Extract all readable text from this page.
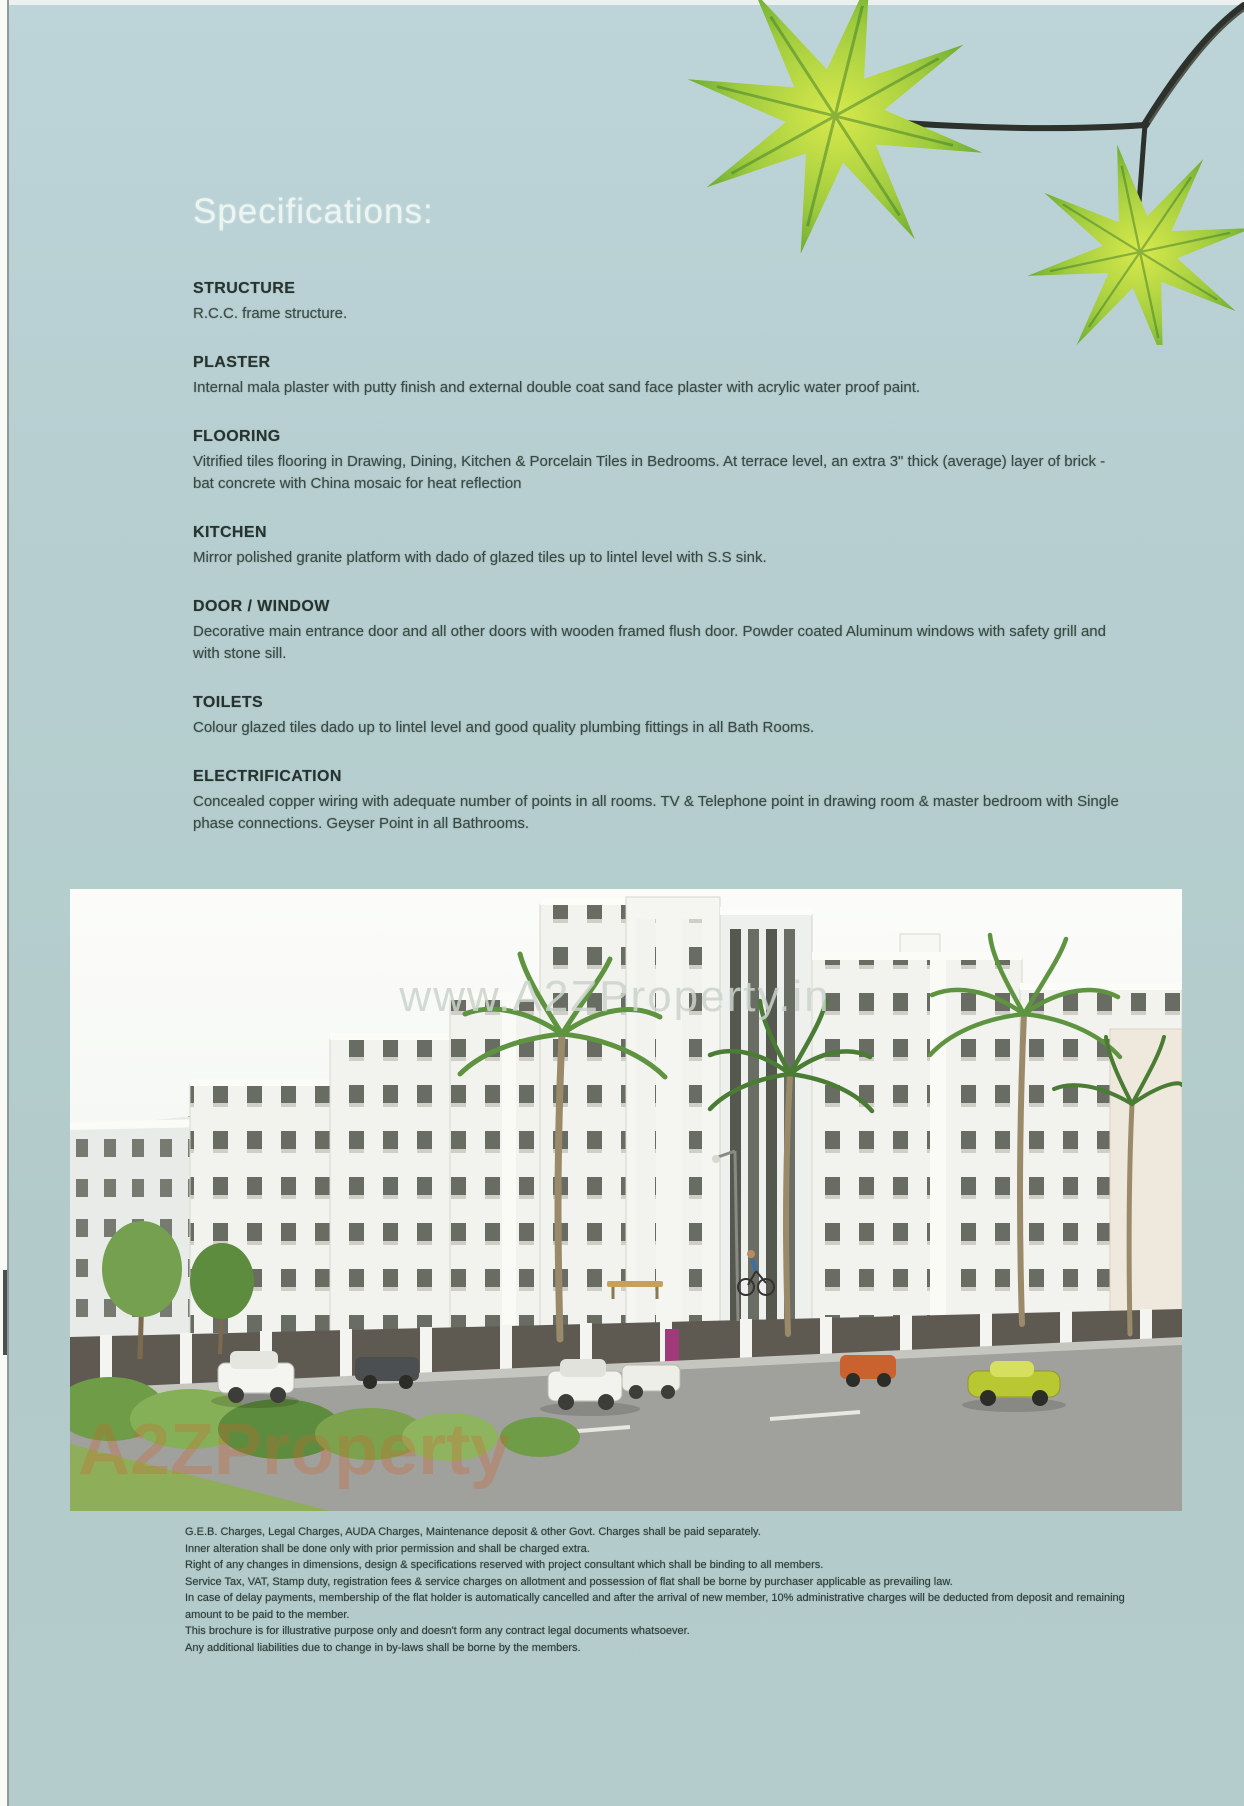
Specifications:
STRUCTURE

R.C.C. frame structure.

PLASTER

Internal mala plaster with putty finish and external double coat sand face plaster with acrylic water proof paint.

FLOORING

Vitrified tiles flooring in Drawing, Dining, Kitchen & Porcelain Tiles in Bedrooms. At terrace level, an extra 3" thick (average) layer of brick - bat concrete with China mosaic for heat reflection

KITCHEN

Mirror polished granite platform with dado of glazed tiles up to lintel level with S.S sink.

DOOR / WINDOW

Decorative main entrance door and all other doors with wooden framed flush door. Powder coated Aluminum windows with safety grill and with stone sill.

TOILETS

Colour glazed tiles dado up to lintel level and good quality plumbing fittings in all Bath Rooms.

ELECTRIFICATION

Concealed copper wiring with adequate number of points in all rooms. TV & Telephone point in drawing room & master bedroom with Single phase connections. Geyser Point in all Bathrooms.

www.A2ZProperty.in
A2ZProperty
G.E.B. Charges, Legal Charges, AUDA Charges, Maintenance deposit & other Govt. Charges shall be paid separately.
Inner alteration shall be done only with prior permission and shall be charged extra.
Right of any changes in dimensions, design & specifications reserved with project consultant which shall be binding to all members.
Service Tax, VAT, Stamp duty, registration fees & service charges on allotment and possession of flat shall be borne by purchaser applicable as prevailing law.
In case of delay payments, membership of the flat holder is automatically cancelled and after the arrival of new member, 10% administrative charges will be deducted from deposit and remaining amount to be paid to the member.
This brochure is for illustrative purpose only and doesn't form any contract legal documents whatsoever.
Any additional liabilities due to change in by-laws shall be borne by the members.
